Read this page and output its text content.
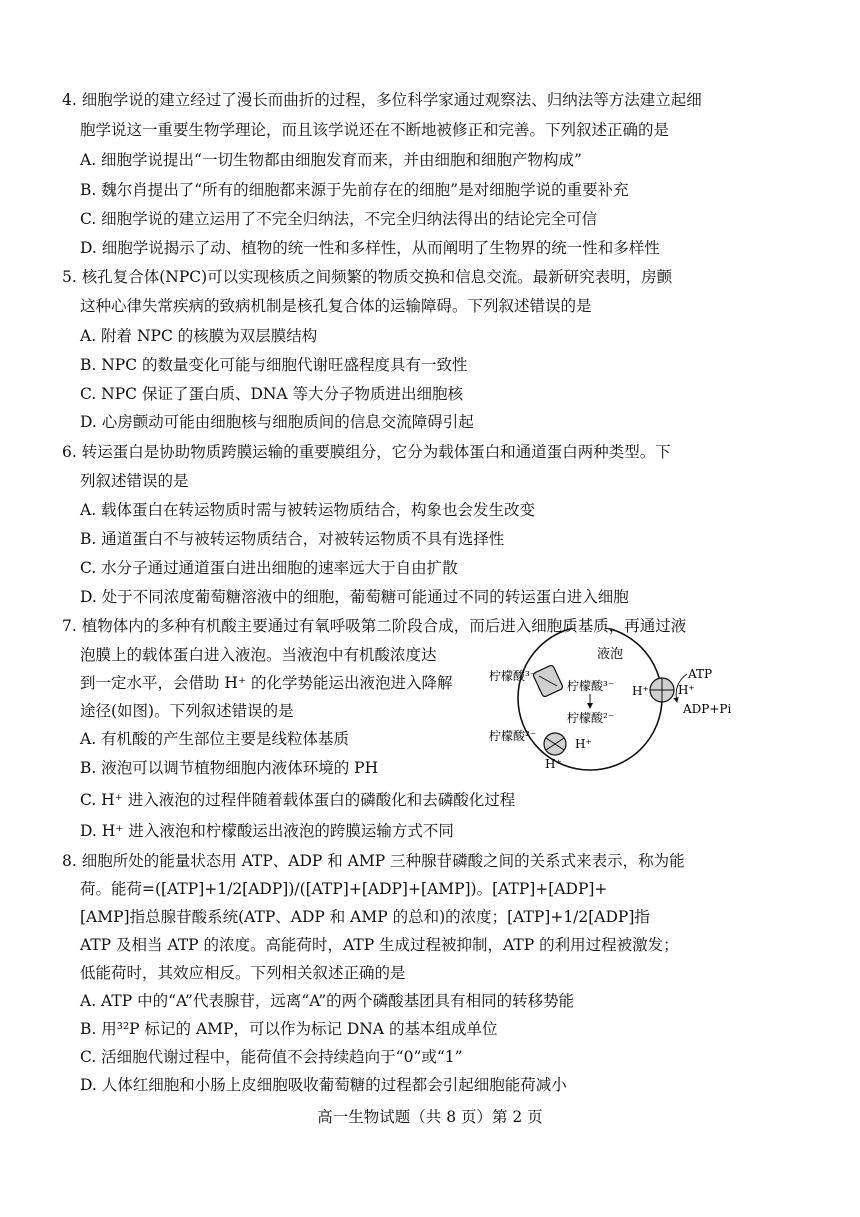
4. 细胞学说的建立经过了漫长而曲折的过程，多位科学家通过观察法、归纳法等方法建立起细
胞学说这一重要生物学理论，而且该学说还在不断地被修正和完善。下列叙述正确的是
A. 细胞学说提出“一切生物都由细胞发育而来，并由细胞和细胞产物构成”
B. 魏尔肖提出了“所有的细胞都来源于先前存在的细胞”是对细胞学说的重要补充
C. 细胞学说的建立运用了不完全归纳法，不完全归纳法得出的结论完全可信
D. 细胞学说揭示了动、植物的统一性和多样性，从而阐明了生物界的统一性和多样性
5. 核孔复合体(NPC)可以实现核质之间频繁的物质交换和信息交流。最新研究表明，房颤
这种心律失常疾病的致病机制是核孔复合体的运输障碍。下列叙述错误的是
A. 附着 NPC 的核膜为双层膜结构
B. NPC 的数量变化可能与细胞代谢旺盛程度具有一致性
C. NPC 保证了蛋白质、DNA 等大分子物质进出细胞核
D. 心房颤动可能由细胞核与细胞质间的信息交流障碍引起
6. 转运蛋白是协助物质跨膜运输的重要膜组分，它分为载体蛋白和通道蛋白两种类型。下
列叙述错误的是
A. 载体蛋白在转运物质时需与被转运物质结合，构象也会发生改变
B. 通道蛋白不与被转运物质结合，对被转运物质不具有选择性
C. 水分子通过通道蛋白进出细胞的速率远大于自由扩散
D. 处于不同浓度葡萄糖溶液中的细胞，葡萄糖可能通过不同的转运蛋白进入细胞
7. 植物体内的多种有机酸主要通过有氧呼吸第二阶段合成，而后进入细胞质基质，再通过液
泡膜上的载体蛋白进入液泡。当液泡中有机酸浓度达
到一定水平，会借助 H⁺ 的化学势能运出液泡进入降解
途径(如图)。下列叙述错误的是
A. 有机酸的产生部位主要是线粒体基质
B. 液泡可以调节植物细胞内液体环境的 PH
C. H⁺ 进入液泡的过程伴随着载体蛋白的磷酸化和去磷酸化过程
D. H⁺ 进入液泡和柠檬酸运出液泡的跨膜运输方式不同
液泡
柠檬酸³⁻
柠檬酸³⁻
柠檬酸²⁻
H⁺ H⁺
ATP
ADP+Pi
柠檬酸²⁻
H⁺
H⁺
8. 细胞所处的能量状态用 ATP、ADP 和 AMP 三种腺苷磷酸之间的关系式来表示，称为能
荷。能荷=([ATP]+1/2[ADP])/([ATP]+[ADP]+[AMP])。[ATP]+[ADP]+
[AMP]指总腺苷酸系统(ATP、ADP 和 AMP 的总和)的浓度；[ATP]+1/2[ADP]指
ATP 及相当 ATP 的浓度。高能荷时，ATP 生成过程被抑制，ATP 的利用过程被激发；
低能荷时，其效应相反。下列相关叙述正确的是
A. ATP 中的“A”代表腺苷，远离“A”的两个磷酸基团具有相同的转移势能
B. 用³²P 标记的 AMP，可以作为标记 DNA 的基本组成单位
C. 活细胞代谢过程中，能荷值不会持续趋向于“0”或“1”
D. 人体红细胞和小肠上皮细胞吸收葡萄糖的过程都会引起细胞能荷减小
高一生物试题（共 8 页）第 2 页
